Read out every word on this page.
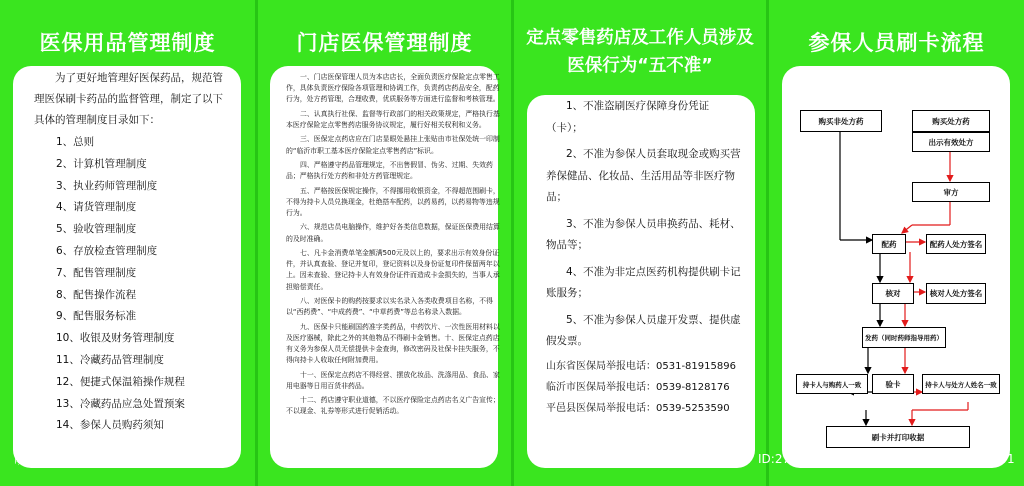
医保用品管理制度
为了更好地管理好医保药品，规范管理医保刷卡药品的监督管理，制定了以下具体的管理制度目录如下：
1、总则
2、计算机管理制度
3、执业药师管理制度
4、请货管理制度
5、验收管理制度
6、存放检查管理制度
7、配售管理制度
8、配售操作流程
9、配售服务标准
10、收银及财务管理制度
11、冷藏药品管理制度
12、便捷式保温箱操作规程
13、冷藏药品应急处置预案
14、参保人员购药须知
门店医保管理制度

一、门店医保管理人员为本店店长，全面负责医疗保险定点零售工作，具体负责医疗保险各项管理和协调工作，负责药店药品安全，配药行为，处方药管理，合理收费，优质服务等方面进行监督和考核管理。

二、认真执行社保、监督等行政部门的相关政策规定，严格执行基本医疗保险定点零售药店服务协议规定，履行好相关权利和义务。

三、医保定点药店应在门店显眼处悬挂上张贴由市社保处统一印制的“临沂市职工基本医疗保险定点零售药店”标识。

四、严格遵守药品管理规定，不出售假冒、伪劣、过期、失效药品；严格执行处方药和非处方药管理规定。

五、严格按医保规定操作，不得挪用收银资金，不得超范围刷卡，不得为持卡人员兑换现金，杜绝搭车配药，以药易药，以药易物等违规行为。

六、规范店员电脑操作，维护好各类信息数据，保证医保费用结算的及时准确。

七、凡卡金消费单笔金额满500元及以上的，要求出示有效身份证件，并认真查验、登记并复印，登记资料以及身份证复印件保留两年以上。因未查验、登记持卡人有效身份证件而造成卡金损失的，当事人承担赔偿责任。

八、对医保卡的购药按要求以实名录入各类收费项目名称，不得以“西药费”、“中成药费”、“中草药费”等总名称录入数据。

九、医保卡只能刷国药准字类药品，中药饮片、一次性医用材料以及医疗器械，除此之外的其他物品不得刷卡金销售。十、医保定点药店有义务为参保人员无偿提供卡金查询，修改密码及社保卡挂失服务，不得向持卡人收取任何附加费用。

十一、医保定点药店不得经营、摆放化妆品、洗涤用品、食品、家用电器等日用百货非药品。

十二、药店遵守职业道德，不以医疗保险定点药店名义广告宣传；不以现金、礼券等形式进行促销活动。

定点零售药店及工作人员涉及
医保行为“五不准”

1、不准盗刷医疗保障身份凭证（卡）；

2、不准为参保人员套取现金或购买营养保健品、化妆品、生活用品等非医疗物品；

3、不准为参保人员串换药品、耗材、物品等；

4、不准为非定点医药机构提供刷卡记账服务；

5、不准为参保人员虚开发票、提供虚假发票。

山东省医保局举报电话：0531-81915896
临沂市医保局举报电话：0539-8128176
平邑县医保局举报电话：0539-5253590
参保人员刷卡流程
购买非处方药	购买处方药
出示有效处方
审方
配药	配药人处方签名
核对	核对人处方签名
发药（同时药师指导用药）
持卡人与购药人一致	验卡	持卡人与处方人姓名一致
刷卡并打印收据
昵享网 www.nipic.com	ID:27250779 NO:20250310153458540101
